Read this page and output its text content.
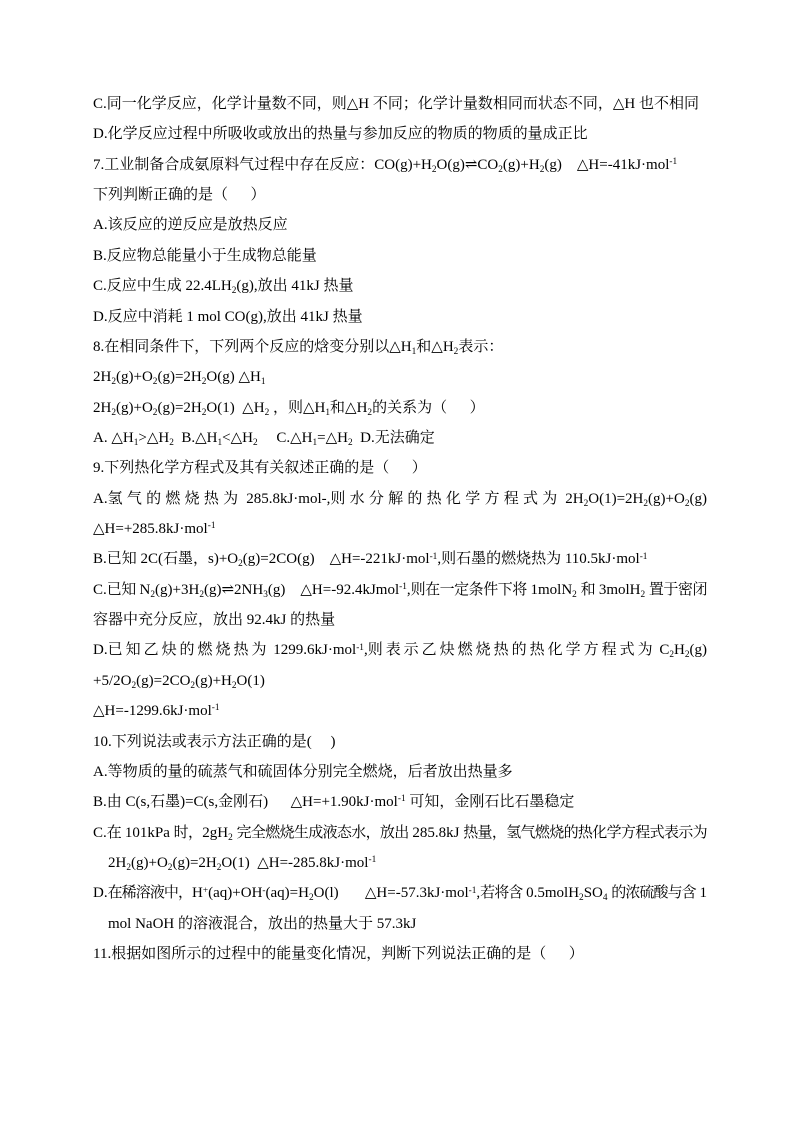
C.同一化学反应，化学计量数不同，则△H 不同；化学计量数相同而状态不同，△H 也不相同
D.化学反应过程中所吸收或放出的热量与参加反应的物质的物质的量成正比
7.工业制备合成氨原料气过程中存在反应：CO(g)+H2O(g)⇌CO2(g)+H2(g)    △H=-41kJ·mol$^{-1}$
下列判断正确的是（      ）
A.该反应的逆反应是放热反应
B.反应物总能量小于生成物总能量
C.反应中生成 22.4LH2(g),放出 41kJ 热量
D.反应中消耗 1 mol CO(g),放出 41kJ 热量
8.在相同条件下，下列两个反应的焓变分别以△H1和△H2表示：
2H2(g)+O2(g)=2H2O(g) △H1
2H2(g)+O2(g)=2H2O(1)  △H2 ，则△H1和△H2的关系为（      ）
A. △H1>△H2  B.△H1<△H2     C.△H1=△H2  D.无法确定
9.下列热化学方程式及其有关叙述正确的是（      ）
A.氢气的燃烧热为 285.8kJ·mol-,则水分解的热化学方程式为 2H2O(1)=2H2(g)+O2(g)
△H=+285.8kJ·mol$^{-1}$
B.已知 2C(石墨，s)+O2(g)=2CO(g)    △H=-221kJ·mol$^{-1}$,则石墨的燃烧热为 110.5kJ·mol$^{-1}$
C.已知 N2(g)+3H2(g)⇌2NH3(g)    △H=-92.4kJmol$^{-1}$,则在一定条件下将 1molN2 和 3molH2 置于密闭
容器中充分反应，放出 92.4kJ 的热量
D.已知乙炔的燃烧热为 1299.6kJ·mol$^{-1}$,则表示乙炔燃烧热的热化学方程式为 C2H2(g)
+5/2O2(g)=2CO2(g)+H2O(1)
△H=-1299.6kJ·mol$^{-1}$
10.下列说法或表示方法正确的是(     )
A.等物质的量的硫蒸气和硫固体分别完全燃烧，后者放出热量多
B.由 C(s,石墨)=C(s,金刚石)      △H=+1.90kJ·mol$^{-1}$ 可知，金刚石比石墨稳定
C.在 101kPa 时，2gH2 完全燃烧生成液态水，放出 285.8kJ 热量，氢气燃烧的热化学方程式表示为
2H2(g)+O2(g)=2H2O(1)  △H=-285.8kJ·mol$^{-1}$
D.在稀溶液中，H+(aq)+OH-(aq)=H2O(l)       △H=-57.3kJ·mol$^{-1}$,若将含 0.5molH2SO4 的浓硫酸与含 1
mol NaOH 的溶液混合，放出的热量大于 57.3kJ
11.根据如图所示的过程中的能量变化情况，判断下列说法正确的是（      ）
